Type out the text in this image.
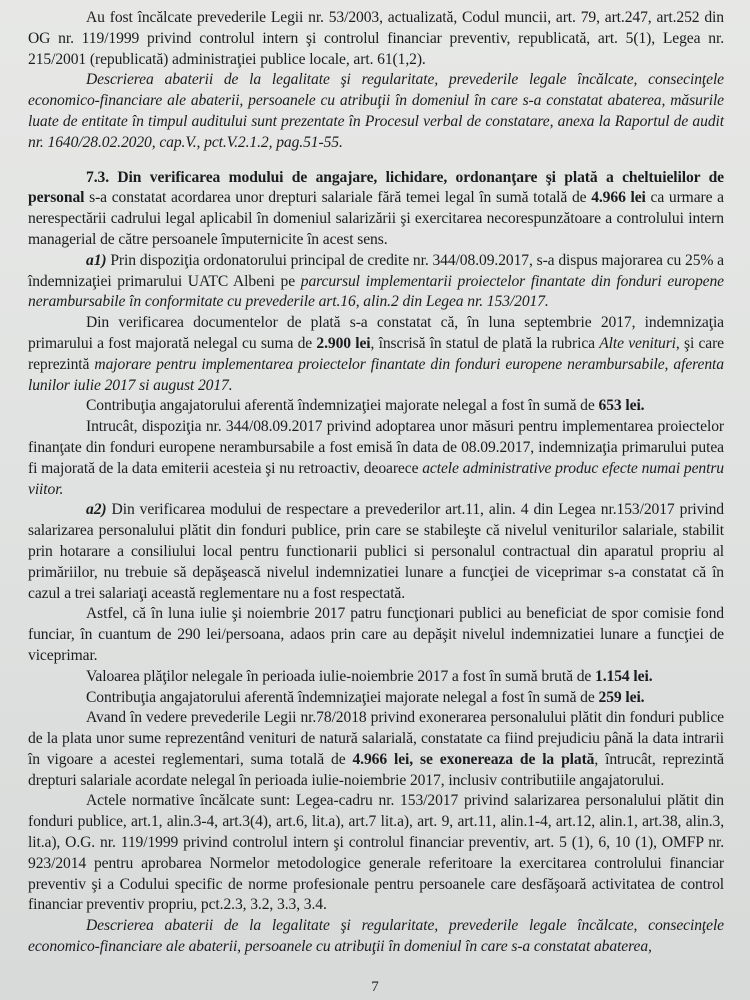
Au fost încălcate prevederile Legii nr. 53/2003, actualizată, Codul muncii, art. 79, art.247, art.252 din OG nr. 119/1999 privind controlul intern şi controlul financiar preventiv, republicată, art. 5(1), Legea nr. 215/2001 (republicată) administraţiei publice locale, art. 61(1,2).

Descrierea abaterii de la legalitate şi regularitate, prevederile legale încălcate, consecinţele economico-financiare ale abaterii, persoanele cu atribuţii în domeniul în care s-a constatat abaterea, măsurile luate de entitate în timpul auditului sunt prezentate în Procesul verbal de constatare, anexa la Raportul de audit nr. 1640/28.02.2020, cap.V., pct.V.2.1.2, pag.51-55.

7.3. Din verificarea modului de angajare, lichidare, ordonanţare şi plată a cheltuielilor de personal s-a constatat acordarea unor drepturi salariale fără temei legal în sumă totală de 4.966 lei ca urmare a nerespectării cadrului legal aplicabil în domeniul salarizării şi exercitarea necorespunzătoare a controlului intern managerial de către persoanele împuternicite în acest sens.

a1) Prin dispoziţia ordonatorului principal de credite nr. 344/08.09.2017, s-a dispus majorarea cu 25% a îndemnizaţiei primarului UATC Albeni pe parcursul implementarii proiectelor finantate din fonduri europene nerambursabile în conformitate cu prevederile art.16, alin.2 din Legea nr. 153/2017.

Din verificarea documentelor de plată s-a constatat că, în luna septembrie 2017, indemnizaţia primarului a fost majorată nelegal cu suma de 2.900 lei, înscrisă în statul de plată la rubrica Alte venituri, şi care reprezintă majorare pentru implementarea proiectelor finantate din fonduri europene nerambursabile, aferenta lunilor iulie 2017 si august 2017.

Contribuţia angajatorului aferentă îndemnizaţiei majorate nelegal a fost în sumă de 653 lei.

Intrucât, dispoziţia nr. 344/08.09.2017 privind adoptarea unor măsuri pentru implementarea proiectelor finanţate din fonduri europene nerambursabile a fost emisă în data de 08.09.2017, indemnizaţia primarului putea fi majorată de la data emiterii acesteia şi nu retroactiv, deoarece actele administrative produc efecte numai pentru viitor.

a2) Din verificarea modului de respectare a prevederilor art.11, alin. 4 din Legea nr.153/2017 privind salarizarea personalului plătit din fonduri publice, prin care se stabileşte că nivelul veniturilor salariale, stabilit prin hotarare a consiliului local pentru functionarii publici si personalul contractual din aparatul propriu al primăriilor, nu trebuie să depăşească nivelul indemnizatiei lunare a funcţiei de viceprimar s-a constatat că în cazul a trei salariaţi această reglementare nu a fost respectată.

Astfel, că în luna iulie şi noiembrie 2017 patru funcţionari publici au beneficiat de spor comisie fond funciar, în cuantum de 290 lei/persoana, adaos prin care au depăşit nivelul indemnizatiei lunare a funcţiei de viceprimar.

Valoarea plăţilor nelegale în perioada iulie-noiembrie 2017 a fost în sumă brută de 1.154 lei.

Contribuţia angajatorului aferentă îndemnizaţiei majorate nelegal a fost în sumă de 259 lei.

Avand în vedere prevederile Legii nr.78/2018 privind exonerarea personalului plătit din fonduri publice de la plata unor sume reprezentând venituri de natură salarială, constatate ca fiind prejudiciu până la data intrarii în vigoare a acestei reglementari, suma totală de 4.966 lei, se exonereaza de la plată, întrucât, reprezintă drepturi salariale acordate nelegal în perioada iulie-noiembrie 2017, inclusiv contributiile angajatorului.

Actele normative încălcate sunt: Legea-cadru nr. 153/2017 privind salarizarea personalului plătit din fonduri publice, art.1, alin.3-4, art.3(4), art.6, lit.a), art.7 lit.a), art. 9, art.11, alin.1-4, art.12, alin.1, art.38, alin.3, lit.a), O.G. nr. 119/1999 privind controlul intern şi controlul financiar preventiv, art. 5 (1), 6, 10 (1), OMFP nr. 923/2014 pentru aprobarea Normelor metodologice generale referitoare la exercitarea controlului financiar preventiv şi a Codului specific de norme profesionale pentru persoanele care desfăşoară activitatea de control financiar preventiv propriu, pct.2.3, 3.2, 3.3, 3.4.

Descrierea abaterii de la legalitate şi regularitate, prevederile legale încălcate, consecinţele economico-financiare ale abaterii, persoanele cu atribuţii în domeniul în care s-a constatat abaterea,

7
